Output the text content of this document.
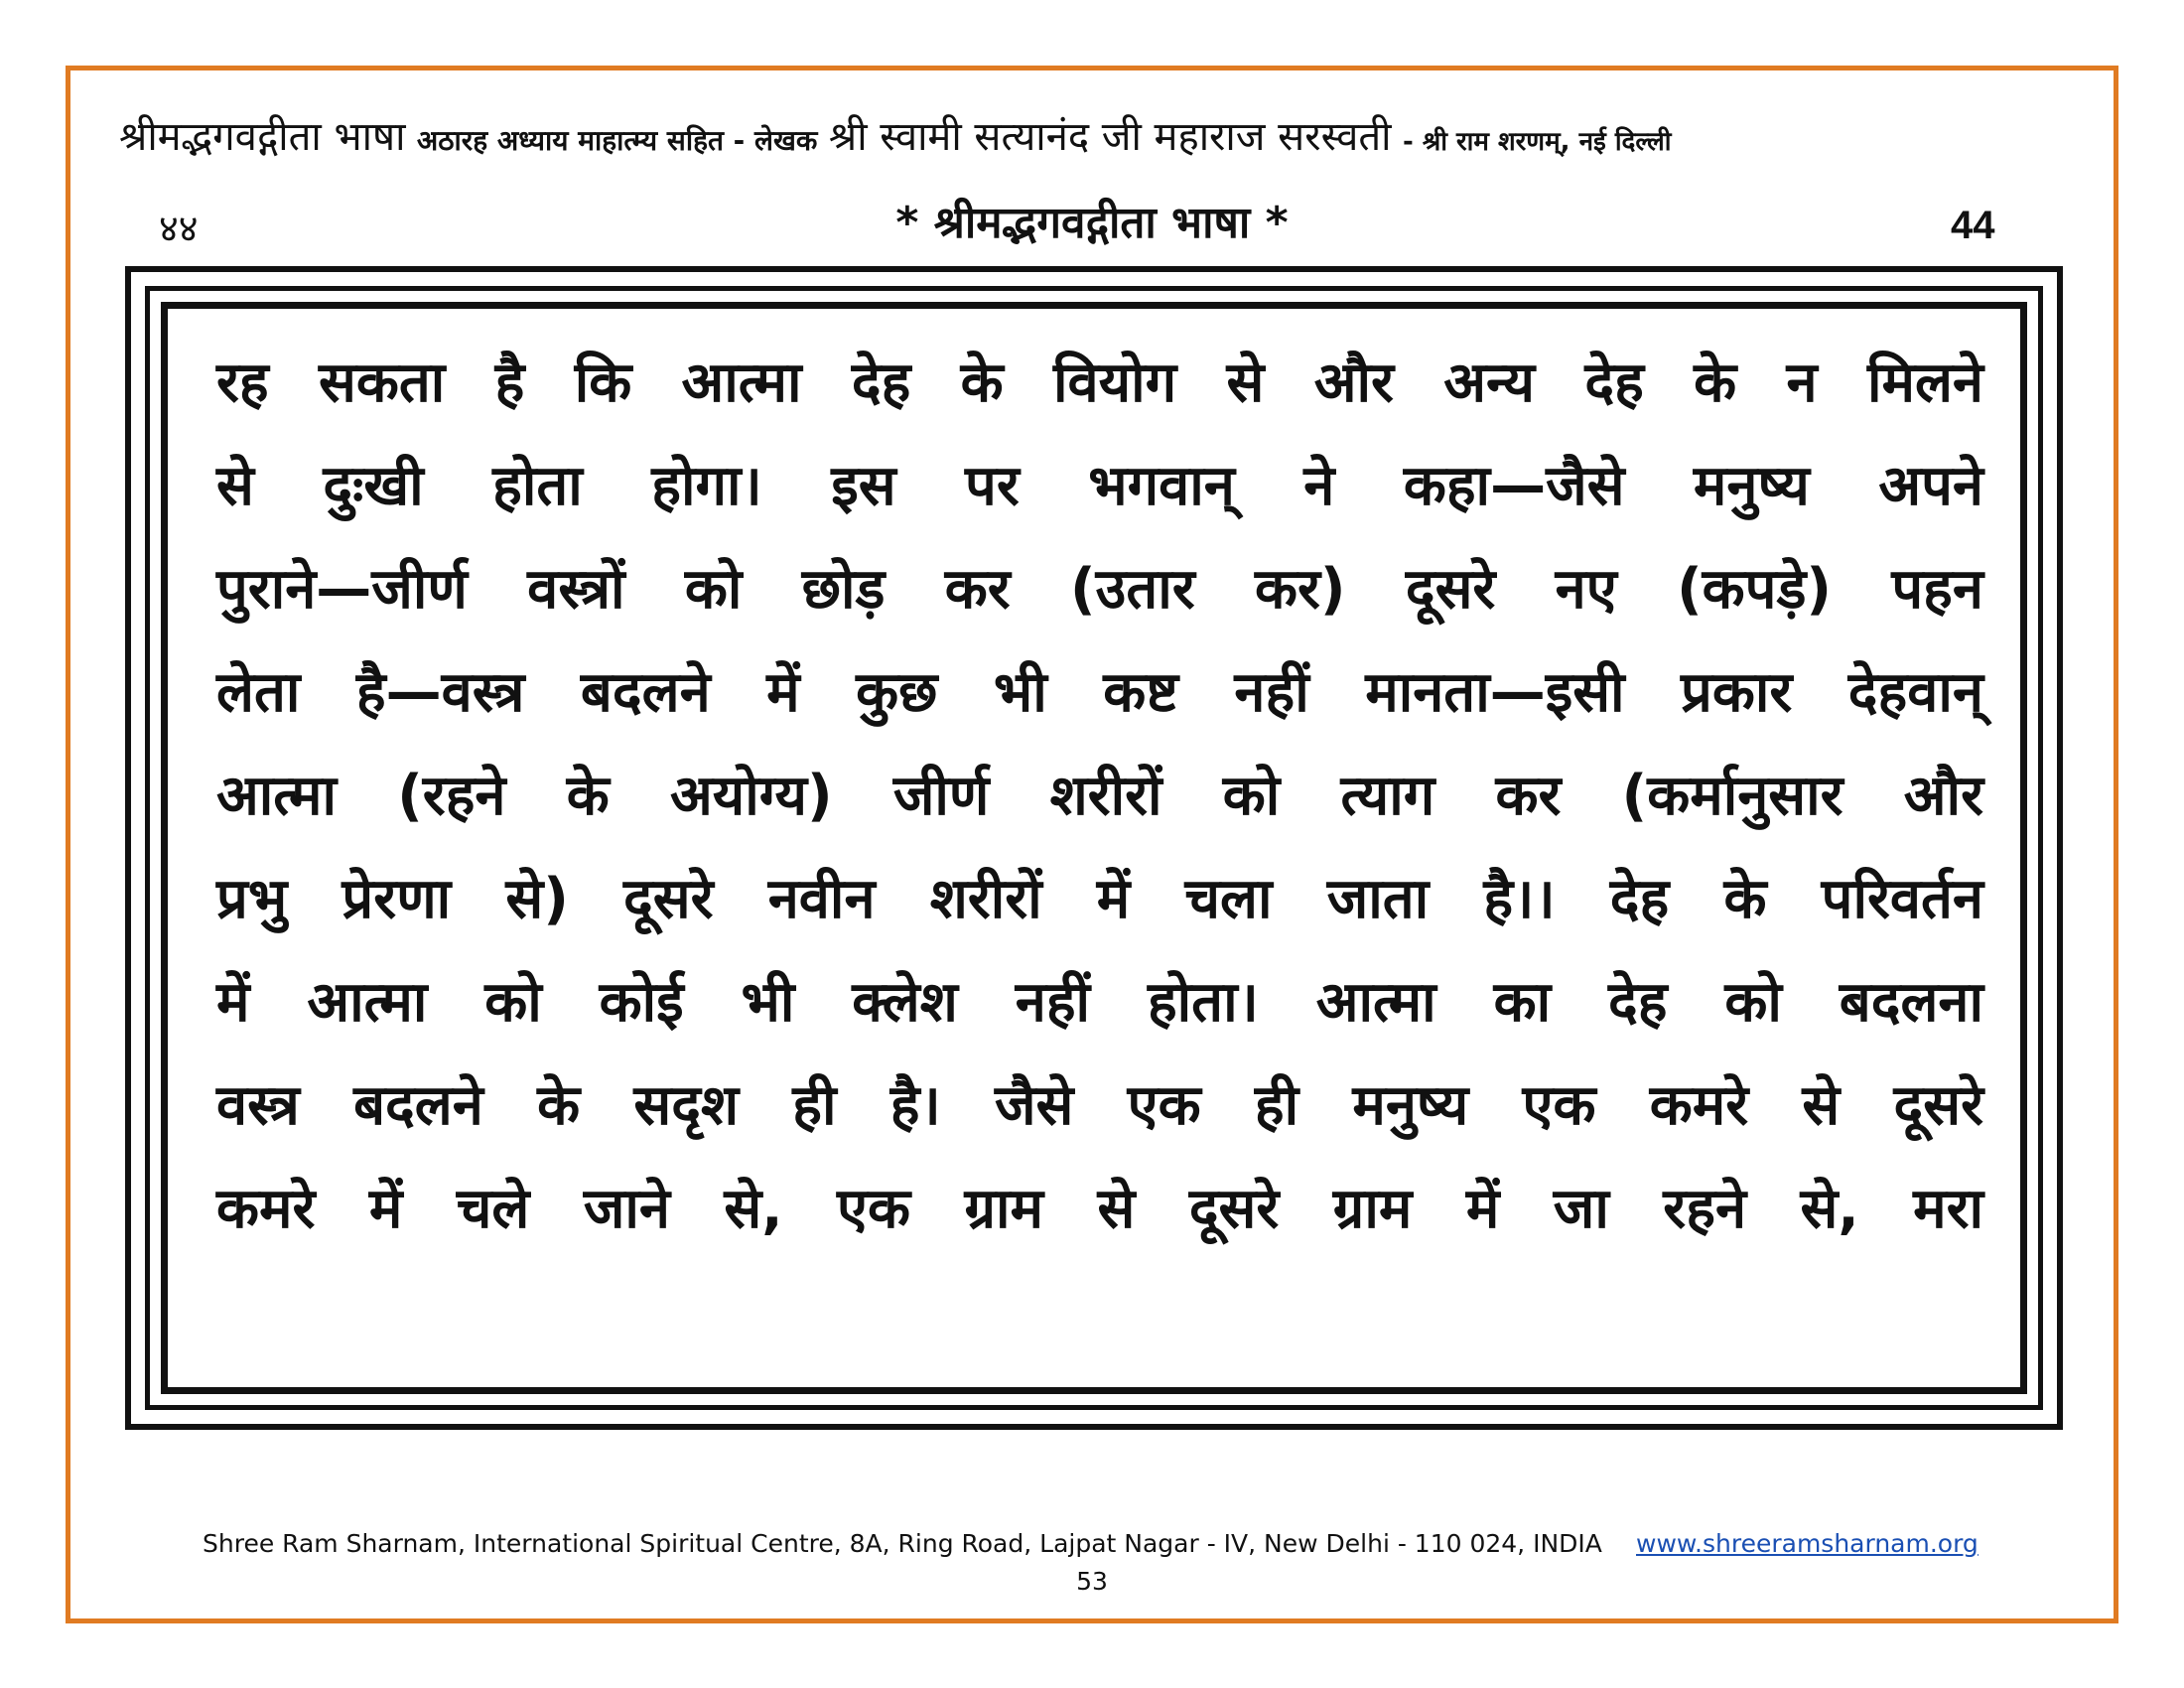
श्रीमद्भगवद्गीता भाषा अठारह अध्याय माहात्म्य सहित - लेखक श्री स्वामी सत्यानंद जी महाराज सरस्वती - श्री राम शरणम्, नई दिल्ली
४४	* श्रीमद्भगवद्गीता भाषा *	44
रह सकता है कि आत्मा देह के वियोग से और अन्य देह के न मिलने
से दुःखी होता होगा। इस पर भगवान् ने कहा—जैसे मनुष्य अपने
पुराने—जीर्ण वस्त्रों को छोड़ कर (उतार कर) दूसरे नए (कपड़े) पहन
लेता है—वस्त्र बदलने में कुछ भी कष्ट नहीं मानता—इसी प्रकार देहवान्
आत्मा (रहने के अयोग्य) जीर्ण शरीरों को त्याग कर (कर्मानुसार और
प्रभु प्रेरणा से) दूसरे नवीन शरीरों में चला जाता है।। देह के परिवर्तन
में आत्मा को कोई भी क्लेश नहीं होता। आत्मा का देह को बदलना
वस्त्र बदलने के सदृश ही है। जैसे एक ही मनुष्य एक कमरे से दूसरे
कमरे में चले जाने से, एक ग्राम से दूसरे ग्राम में जा रहने से, मरा
Shree Ram Sharnam, International Spiritual Centre, 8A, Ring Road, Lajpat Nagar - IV, New Delhi - 110 024, INDIA www.shreeramsharnam.org
53
